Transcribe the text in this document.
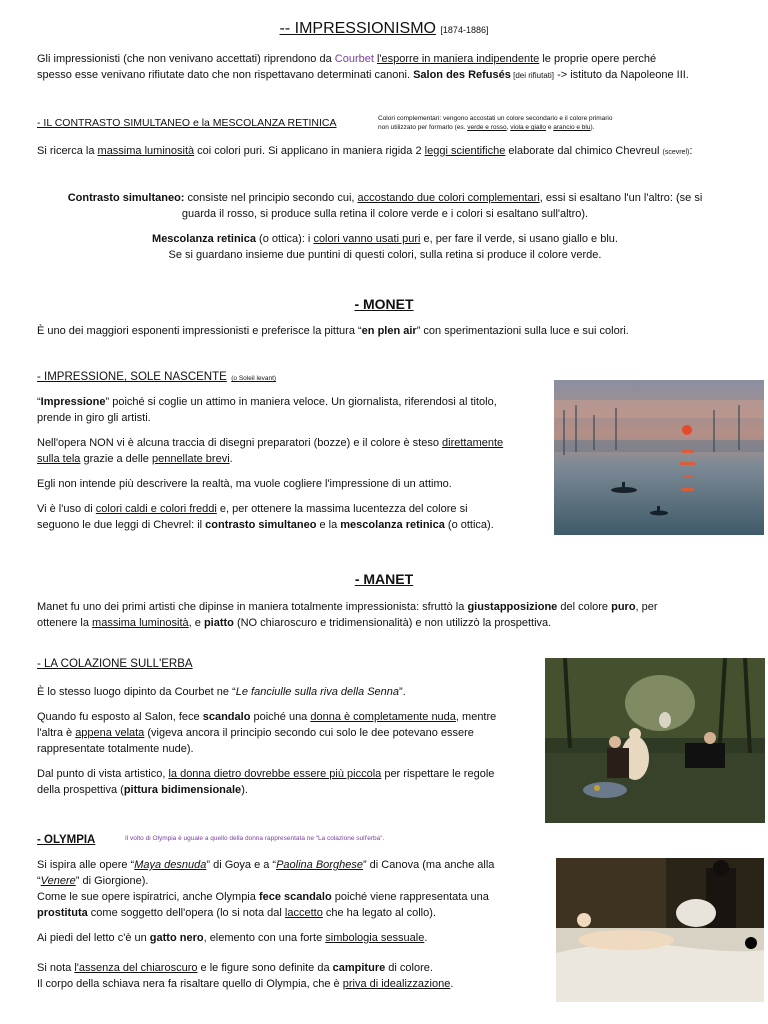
-- IMPRESSIONISMO [1874-1886]
Gli impressionisti (che non venivano accettati) riprendono da Courbet l'esporre in maniera indipendente le proprie opere perché
spesso esse venivano rifiutate dato che non rispettavano determinati canoni. Salon des Refusés [dei rifiutati] -> istituto da Napoleone III.
- IL CONTRASTO SIMULTANEO e la MESCOLANZA RETINICA	Colori complementari: vengono accostati un colore secondario e il colore primario
non utilizzato per formarlo (es. verde e rosso, viola e giallo e arancio e blu).
Si ricerca la massima luminosità coi colori puri. Si applicano in maniera rigida 2 leggi scientifiche elaborate dal chimico Chevreul (scevrel):
Contrasto simultaneo: consiste nel principio secondo cui, accostando due colori complementari, essi si esaltano l'un l'altro: (se si
guarda il rosso, si produce sulla retina il colore verde e i colori si esaltano sull'altro).
Mescolanza retinica (o ottica): i colori vanno usati puri e, per fare il verde, si usano giallo e blu.
Se si guardano insieme due puntini di questi colori, sulla retina si produce il colore verde.
- MONET
È uno dei maggiori esponenti impressionisti e preferisce la pittura “en plen air” con sperimentazioni sulla luce e sui colori.
- IMPRESSIONE, SOLE NASCENTE (o Soleil levant)
“Impressione” poiché si coglie un attimo in maniera veloce. Un giornalista, riferendosi al titolo,
prende in giro gli artisti.
Nell'opera NON vi è alcuna traccia di disegni preparatori (bozze) e il colore è steso direttamente
sulla tela grazie a delle pennellate brevi.
Egli non intende più descrivere la realtà, ma vuole cogliere l'impressione di un attimo.
Vi è l'uso di colori caldi e colori freddi e, per ottenere la massima lucentezza del colore si
seguono le due leggi di Chevrel: il contrasto simultaneo e la mescolanza retinica (o ottica).
- MANET
Manet fu uno dei primi artisti che dipinse in maniera totalmente impressionista: sfruttò la giustapposizione del colore puro, per
ottenere la massima luminosità, e piatto (NO chiaroscuro e tridimensionalità) e non utilizzò la prospettiva.
- LA COLAZIONE SULL'ERBA
È lo stesso luogo dipinto da Courbet ne “Le fanciulle sulla riva della Senna”.
Quando fu esposto al Salon, fece scandalo poiché una donna è completamente nuda, mentre
l'altra è appena velata (vigeva ancora il principio secondo cui solo le dee potevano essere
rappresentate totalmente nude).
Dal punto di vista artistico, la donna dietro dovrebbe essere più piccola per rispettare le regole
della prospettiva (pittura bidimensionale).
- OLYMPIA	Il volto di Olympia è uguale a quello della donna rappresentata ne “La colazione sull'erba”.
Si ispira alle opere “Maya desnuda” di Goya e a “Paolina Borghese” di Canova (ma anche alla
“Venere” di Giorgione).
Come le sue opere ispiratrici, anche Olympia fece scandalo poiché viene rappresentata una
prostituta come soggetto dell'opera (lo si nota dal laccetto che ha legato al collo).
Ai piedi del letto c'è un gatto nero, elemento con una forte simbologia sessuale.
Si nota l'assenza del chiaroscuro e le figure sono definite da campiture di colore.
Il corpo della schiava nera fa risaltare quello di Olympia, che è priva di idealizzazione.
